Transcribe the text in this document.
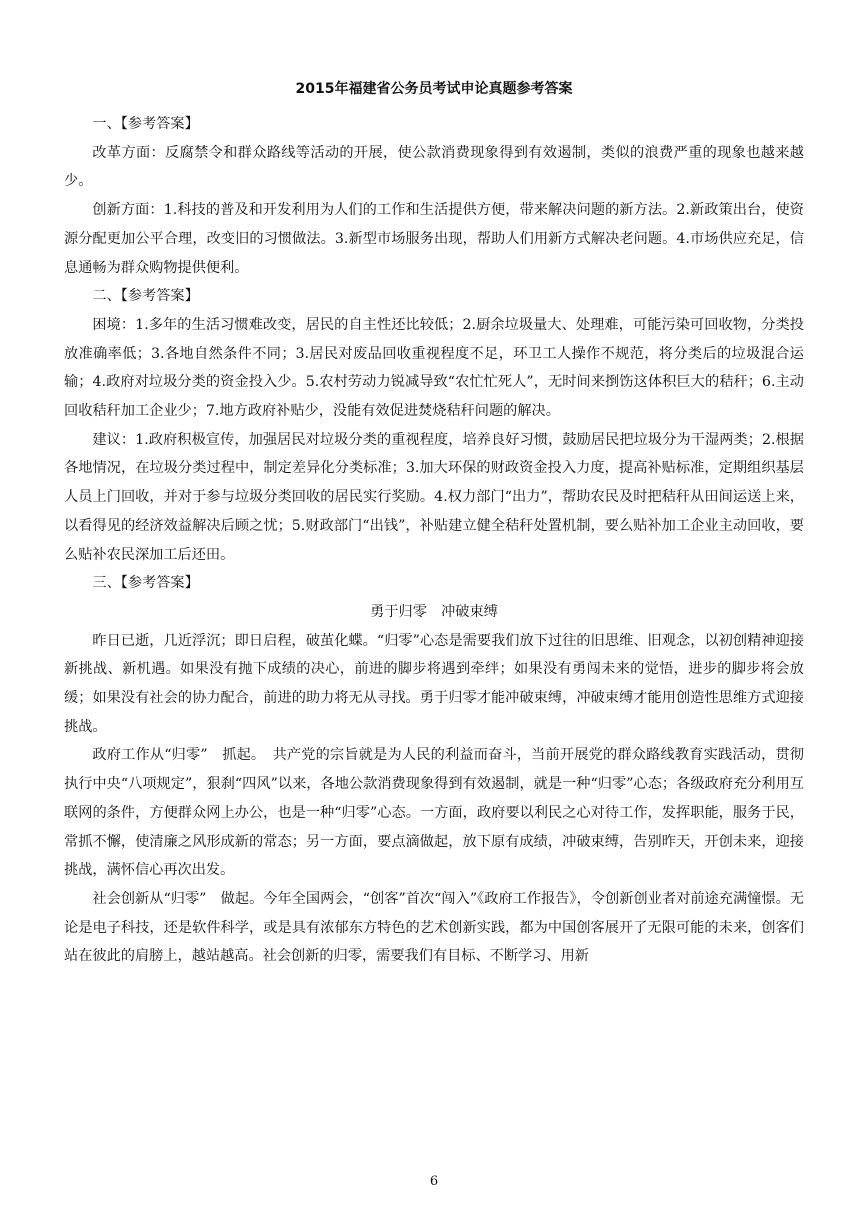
2015年福建省公务员考试申论真题参考答案

一、【参考答案】

改革方面：反腐禁令和群众路线等活动的开展，使公款消费现象得到有效遏制，类似的浪费严重的现象也越来越少。

创新方面：1.科技的普及和开发利用为人们的工作和生活提供方便，带来解决问题的新方法。2.新政策出台，使资源分配更加公平合理，改变旧的习惯做法。3.新型市场服务出现，帮助人们用新方式解决老问题。4.市场供应充足，信息通畅为群众购物提供便利。

二、【参考答案】

困境：1.多年的生活习惯难改变，居民的自主性还比较低；2.厨余垃圾量大、处理难，可能污染可回收物，分类投放准确率低；3.各地自然条件不同；3.居民对废品回收重视程度不足，环卫工人操作不规范，将分类后的垃圾混合运输；4.政府对垃圾分类的资金投入少。5.农村劳动力锐减导致“农忙忙死人”，无时间来捯饬这体积巨大的秸秆；6.主动回收秸秆加工企业少；7.地方政府补贴少，没能有效促进焚烧秸秆问题的解决。

建议：1.政府积极宣传，加强居民对垃圾分类的重视程度，培养良好习惯，鼓励居民把垃圾分为干湿两类；2.根据各地情况，在垃圾分类过程中，制定差异化分类标准；3.加大环保的财政资金投入力度，提高补贴标准，定期组织基层人员上门回收，并对于参与垃圾分类回收的居民实行奖励。4.权力部门“出力”，帮助农民及时把秸秆从田间运送上来，以看得见的经济效益解决后顾之忧；5.财政部门“出钱”，补贴建立健全秸秆处置机制，要么贴补加工企业主动回收，要么贴补农民深加工后还田。

三、【参考答案】

勇于归零　冲破束缚

昨日已逝，几近浮沉；即日启程，破茧化蝶。“归零”心态是需要我们放下过往的旧思维、旧观念，以初创精神迎接新挑战、新机遇。如果没有抛下成绩的决心，前进的脚步将遇到牵绊；如果没有勇闯未来的觉悟，进步的脚步将会放缓；如果没有社会的协力配合，前进的助力将无从寻找。勇于归零才能冲破束缚，冲破束缚才能用创造性思维方式迎接挑战。

政府工作从“归零”　抓起。　共产党的宗旨就是为人民的利益而奋斗，当前开展党的群众路线教育实践活动，贯彻执行中央“八项规定”，狠刹“四风”以来，各地公款消费现象得到有效遏制，就是一种“归零”心态；各级政府充分利用互联网的条件，方便群众网上办公，也是一种“归零”心态。一方面，政府要以利民之心对待工作，发挥职能，服务于民，常抓不懈，使清廉之风形成新的常态；另一方面，要点滴做起，放下原有成绩，冲破束缚，告别昨天，开创未来，迎接挑战，满怀信心再次出发。

社会创新从“归零”　做起。今年全国两会，“创客”首次“闯入”《政府工作报告》，令创新创业者对前途充满憧憬。无论是电子科技，还是软件科学，或是具有浓郁东方特色的艺术创新实践，都为中国创客展开了无限可能的未来，创客们站在彼此的肩膀上，越站越高。社会创新的归零，需要我们有目标、不断学习、用新

6
